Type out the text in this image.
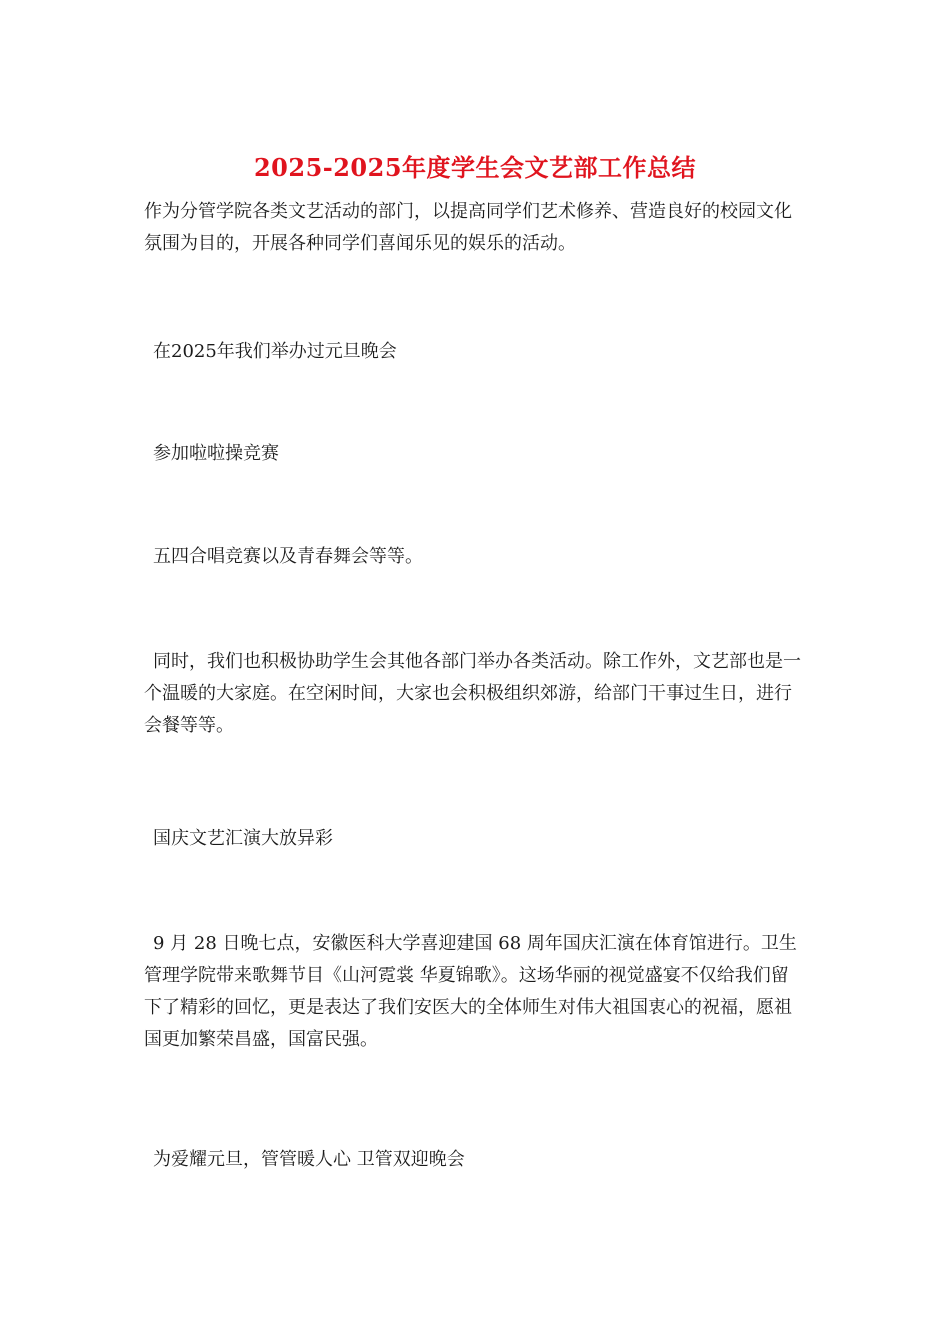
2025-2025年度学生会文艺部工作总结

作为分管学院各类文艺活动的部门，以提高同学们艺术修养、营造良好的校园文化氛围为目的，开展各种同学们喜闻乐见的娱乐的活动。

在2025年我们举办过元旦晚会

参加啦啦操竞赛

五四合唱竞赛以及青春舞会等等。

同时，我们也积极协助学生会其他各部门举办各类活动。除工作外，文艺部也是一个温暖的大家庭。在空闲时间，大家也会积极组织郊游，给部门干事过生日，进行会餐等等。

国庆文艺汇演大放异彩

9 月 28 日晚七点，安徽医科大学喜迎建国 68 周年国庆汇演在体育馆进行。卫生管理学院带来歌舞节目《山河霓裳 华夏锦歌》。这场华丽的视觉盛宴不仅给我们留下了精彩的回忆，更是表达了我们安医大的全体师生对伟大祖国衷心的祝福，愿祖国更加繁荣昌盛，国富民强。

为爱耀元旦，管管暖人心 卫管双迎晚会
